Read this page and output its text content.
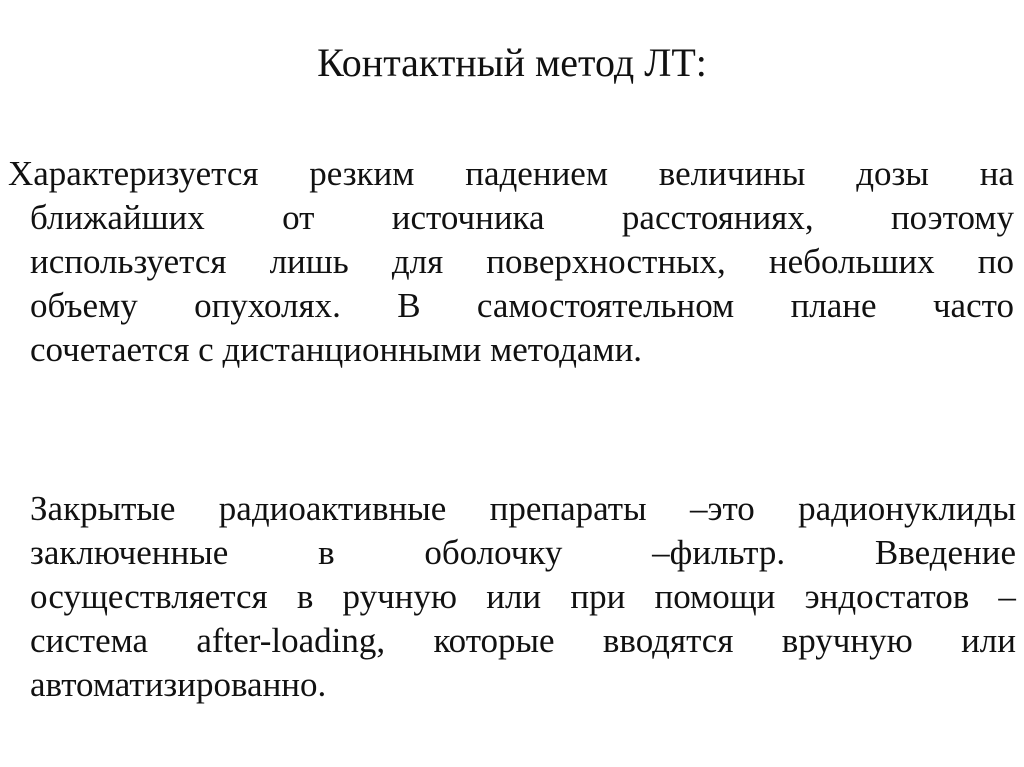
Контактный метод ЛТ:

Характеризуется резким падением величины дозы на
ближайших от источника расстояниях, поэтому
используется лишь для поверхностных, небольших по
объему опухолях. В самостоятельном плане часто
сочетается с дистанционными методами.

Закрытые радиоактивные препараты –это радионуклиды
заключенные	в	оболочку	–фильтр.	Введение
осуществляется в ручную или при помощи эндостатов –
система after-loading, которые вводятся вручную или
автоматизированно.
